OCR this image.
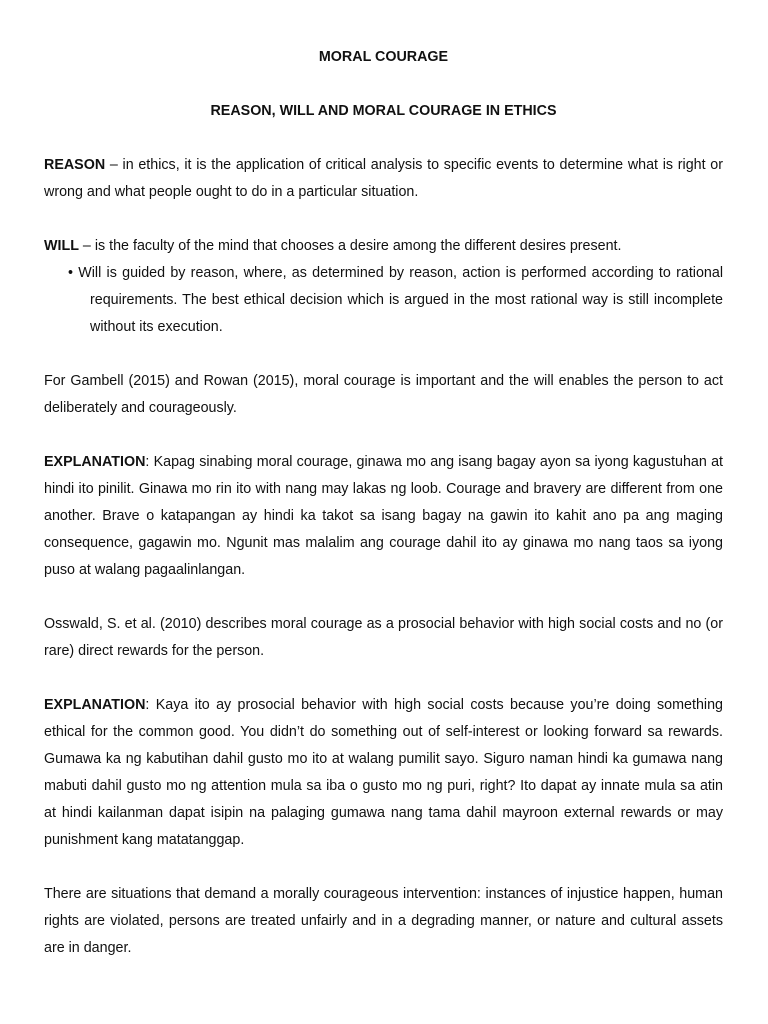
MORAL COURAGE

REASON, WILL AND MORAL COURAGE IN ETHICS

REASON – in ethics, it is the application of critical analysis to specific events to determine what is right or wrong and what people ought to do in a particular situation.

WILL – is the faculty of the mind that chooses a desire among the different desires present.

• Will is guided by reason, where, as determined by reason, action is performed according to rational requirements. The best ethical decision which is argued in the most rational way is still incomplete without its execution.

For Gambell (2015) and Rowan (2015), moral courage is important and the will enables the person to act deliberately and courageously.

EXPLANATION: Kapag sinabing moral courage, ginawa mo ang isang bagay ayon sa iyong kagustuhan at hindi ito pinilit. Ginawa mo rin ito with nang may lakas ng loob. Courage and bravery are different from one another. Brave o katapangan ay hindi ka takot sa isang bagay na gawin ito kahit ano pa ang maging consequence, gagawin mo. Ngunit mas malalim ang courage dahil ito ay ginawa mo nang taos sa iyong puso at walang pagaalinlangan.

Osswald, S. et al. (2010) describes moral courage as a prosocial behavior with high social costs and no (or rare) direct rewards for the person.

EXPLANATION: Kaya ito ay prosocial behavior with high social costs because you’re doing something ethical for the common good. You didn’t do something out of self-interest or looking forward sa rewards. Gumawa ka ng kabutihan dahil gusto mo ito at walang pumilit sayo. Siguro naman hindi ka gumawa nang mabuti dahil gusto mo ng attention mula sa iba o gusto mo ng puri, right? Ito dapat ay innate mula sa atin at hindi kailanman dapat isipin na palaging gumawa nang tama dahil mayroon external rewards or may punishment kang matatanggap.

There are situations that demand a morally courageous intervention: instances of injustice happen, human rights are violated, persons are treated unfairly and in a degrading manner, or nature and cultural assets are in danger.
